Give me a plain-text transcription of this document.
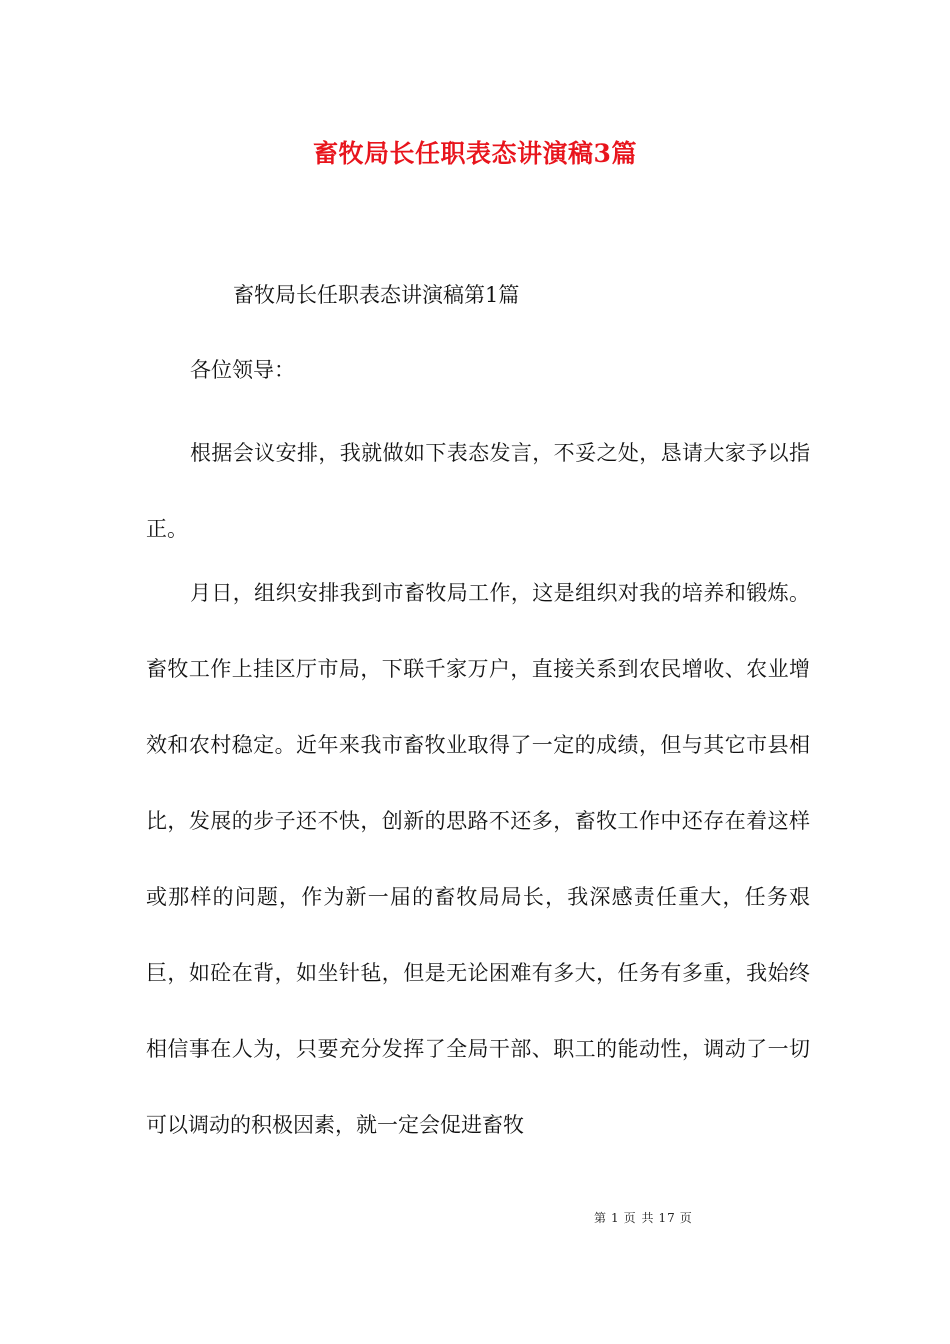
畜牧局长任职表态讲演稿3篇
畜牧局长任职表态讲演稿第1篇
各位领导：

根据会议安排，我就做如下表态发言，不妥之处，恳请大家予以指正。

月日，组织安排我到市畜牧局工作，这是组织对我的培养和锻炼。畜牧工作上挂区厅市局，下联千家万户，直接关系到农民增收、农业增效和农村稳定。近年来我市畜牧业取得了一定的成绩，但与其它市县相比，发展的步子还不快，创新的思路不还多，畜牧工作中还存在着这样或那样的问题，作为新一届的畜牧局局长，我深感责任重大，任务艰巨，如砼在背，如坐针毡，但是无论困难有多大，任务有多重，我始终相信事在人为，只要充分发挥了全局干部、职工的能动性，调动了一切可以调动的积极因素，就一定会促进畜牧

第 1 页 共 17 页
